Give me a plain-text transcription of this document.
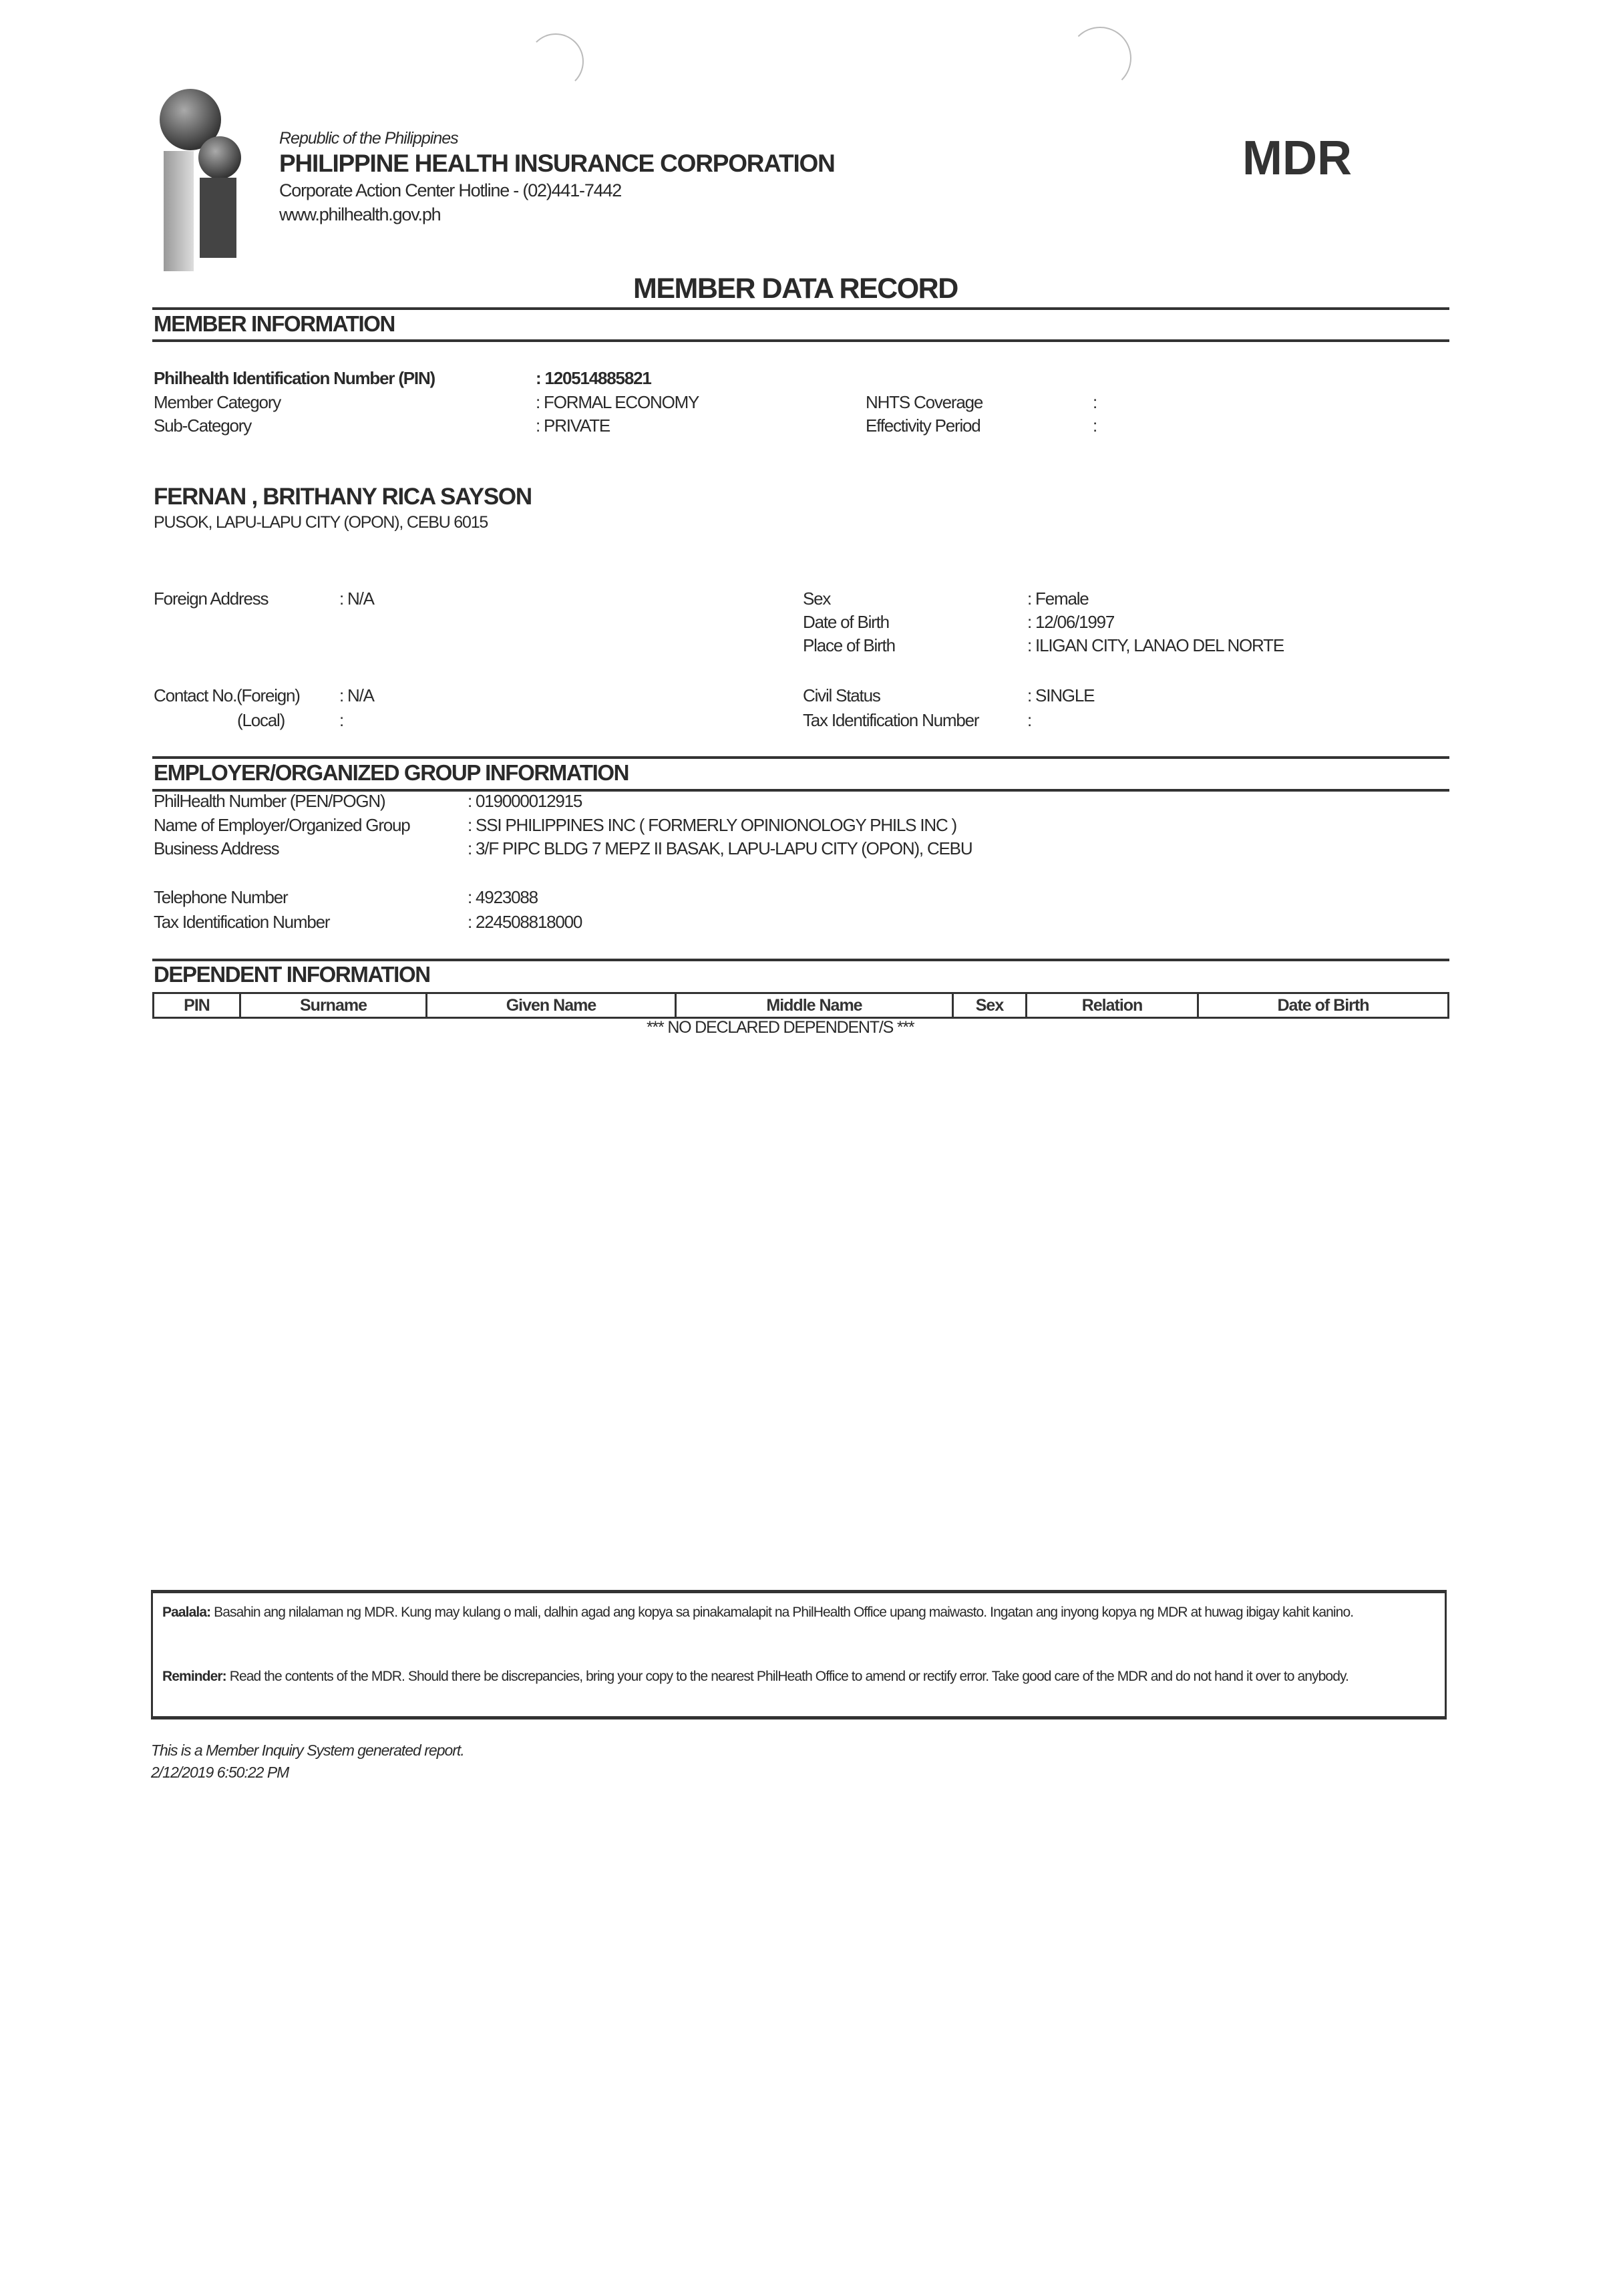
Republic of the Philippines
PHILIPPINE HEALTH INSURANCE CORPORATION
Corporate Action Center Hotline - (02)441-7442
www.philhealth.gov.ph
MDR
MEMBER DATA RECORD
MEMBER INFORMATION
Philhealth Identification Number (PIN)	: 120514885821
Member Category	: FORMAL ECONOMY
Sub-Category	: PRIVATE
NHTS Coverage	:
Effectivity Period	:
FERNAN , BRITHANY RICA SAYSON
PUSOK, LAPU-LAPU CITY (OPON), CEBU 6015
Foreign Address	: N/A
Contact No.(Foreign) : N/A
(Local)	:
Sex	: Female
Date of Birth	: 12/06/1997
Place of Birth	: ILIGAN CITY, LANAO DEL NORTE
Civil Status	: SINGLE
Tax Identification Number	:
EMPLOYER/ORGANIZED GROUP INFORMATION
PhilHealth Number (PEN/POGN)	: 019000012915
Name of Employer/Organized Group	: SSI PHILIPPINES INC ( FORMERLY OPINIONOLOGY PHILS INC )
Business Address	: 3/F PIPC BLDG 7 MEPZ II BASAK, LAPU-LAPU CITY (OPON), CEBU
Telephone Number	: 4923088
Tax Identification Number	: 224508818000
DEPENDENT INFORMATION
PIN	Surname	Given Name	Middle Name	Sex	Relation	Date of Birth
*** NO DECLARED DEPENDENT/S ***

Paalala: Basahin ang nilalaman ng MDR. Kung may kulang o mali, dalhin agad ang kopya sa pinakamalapit na PhilHealth Office upang maiwasto. Ingatan ang inyong kopya ng MDR at huwag ibigay kahit kanino.

Reminder: Read the contents of the MDR. Should there be discrepancies, bring your copy to the nearest PhilHeath Office to amend or rectify error. Take good care of the MDR and do not hand it over to anybody.

This is a Member Inquiry System generated report.
2/12/2019 6:50:22 PM
